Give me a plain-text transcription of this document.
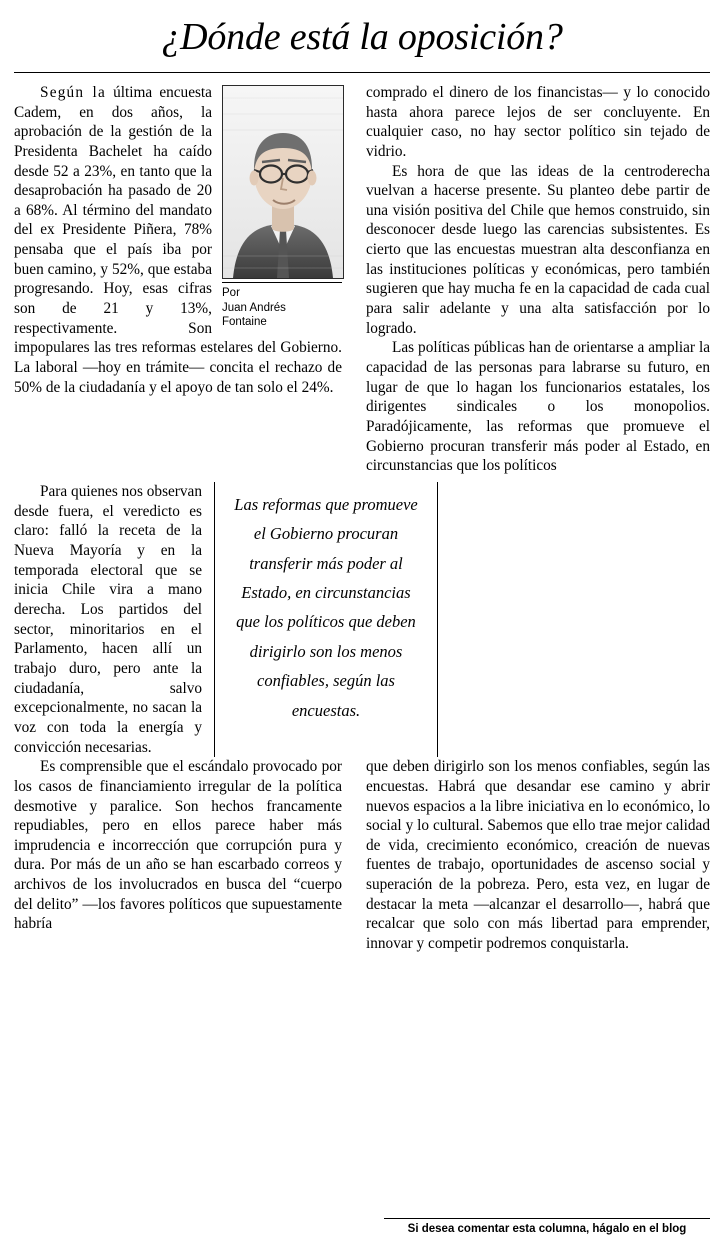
¿Dónde está la oposición?
Por
Juan Andrés
Fontaine

Según la última encuesta Cadem, en dos años, la aprobación de la gestión de la Presidenta Bachelet ha caído desde 52 a 23%, en tanto que la desaprobación ha pasado de 20 a 68%. Al término del mandato del ex Presidente Piñera, 78% pensaba que el país iba por buen camino, y 52%, que estaba progresando. Hoy, esas cifras son de 21 y 13%, respectivamente. Son impopulares las tres reformas estelares del Gobierno. La laboral —hoy en trámite— concita el rechazo de 50% de la ciudadanía y el apoyo de tan solo el 24%.

comprado el dinero de los financistas— y lo conocido hasta ahora parece lejos de ser concluyente. En cualquier caso, no hay sector político sin tejado de vidrio.

Es hora de que las ideas de la centroderecha vuelvan a hacerse presente. Su planteo debe partir de una visión positiva del Chile que hemos construido, sin desconocer desde luego las carencias subsistentes. Es cierto que las encuestas muestran alta desconfianza en las instituciones políticas y económicas, pero también sugieren que hay mucha fe en la capacidad de cada cual para salir adelante y una alta satisfacción por lo logrado.

Las políticas públicas han de orientarse a ampliar la capacidad de las personas para labrarse su futuro, en lugar de que lo hagan los funcionarios estatales, los dirigentes sindicales o los monopolios. Paradójicamente, las reformas que promueve el Gobierno procuran transferir más poder al Estado, en circunstancias que los políticos

Para quienes nos observan desde fuera, el veredicto es claro: falló la receta de la Nueva Mayoría y en la temporada electoral que se inicia Chile vira a mano derecha. Los partidos del sector, minoritarios en el Parlamento, hacen allí un trabajo duro, pero ante la ciudadanía, salvo excepcionalmente, no sacan la voz con toda la energía y convicción necesarias.

Las reformas que promueve el Gobierno procuran transferir más poder al Estado, en circunstancias que los políticos que deben dirigirlo son los menos confiables, según las encuestas.

Es comprensible que el escándalo provocado por los casos de financiamiento irregular de la política desmotive y paralice. Son hechos francamente repudiables, pero en ellos parece haber más imprudencia e incorrección que corrupción pura y dura. Por más de un año se han escarbado correos y archivos de los involucrados en busca del “cuerpo del delito” —los favores políticos que supuestamente habría

que deben dirigirlo son los menos confiables, según las encuestas. Habrá que desandar ese camino y abrir nuevos espacios a la libre iniciativa en lo económico, lo social y lo cultural. Sabemos que ello trae mejor calidad de vida, crecimiento económico, creación de nuevas fuentes de trabajo, oportunidades de ascenso social y superación de la pobreza. Pero, esta vez, en lugar de destacar la meta —alcanzar el desarrollo—, habrá que recalcar que solo con más libertad para emprender, innovar y competir podremos conquistarla.

Si desea comentar esta columna, hágalo en el blog
